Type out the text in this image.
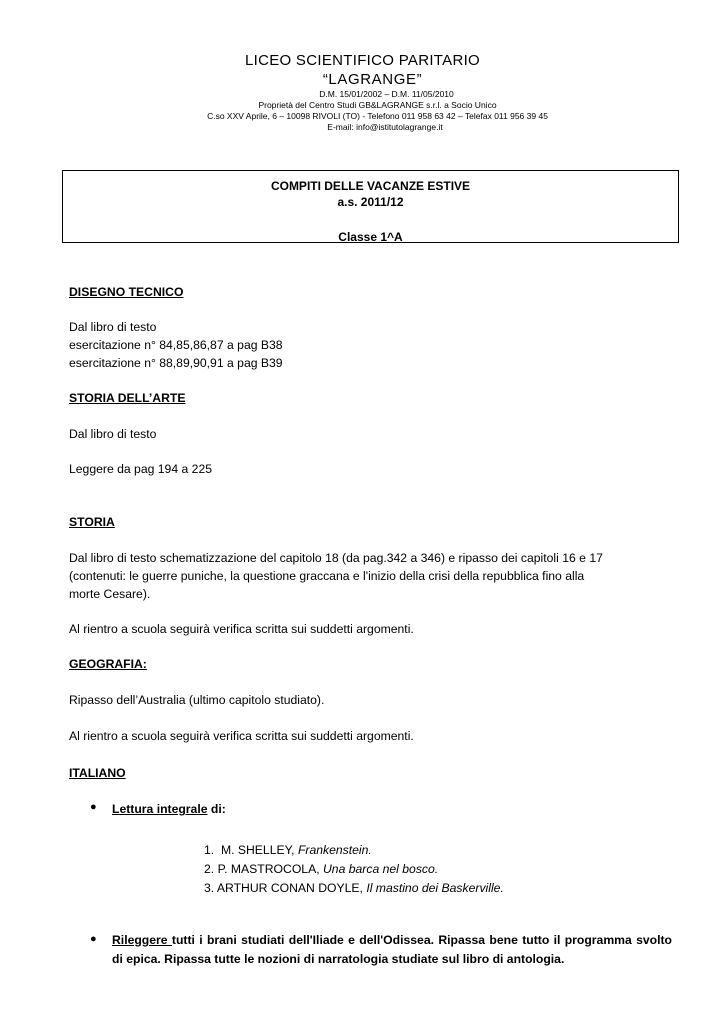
LICEO SCIENTIFICO PARITARIO
“LAGRANGE”
D.M. 15/01/2002 – D.M. 11/05/2010
Proprietà del Centro Studi GB&LAGRANGE s.r.l. a Socio Unico
C.so XXV Aprile, 6 – 10098 RIVOLI (TO) - Telefono 011 958 63 42 – Telefax 011 956 39 45
E-mail: info@istitutolagrange.it
COMPITI DELLE VACANZE ESTIVE
a.s. 2011/12
Classe 1^A
DISEGNO TECNICO
Dal libro di testo
esercitazione n° 84,85,86,87 a pag B38
esercitazione n° 88,89,90,91 a pag B39
STORIA DELL’ARTE
Dal libro di testo
Leggere da pag 194 a 225
STORIA
Dal libro di testo schematizzazione del capitolo 18 (da pag.342 a 346) e ripasso dei capitoli 16 e 17
(contenuti: le guerre puniche, la questione graccana e l'inizio della crisi della repubblica fino alla
morte Cesare).
Al rientro a scuola seguirà verifica scritta sui suddetti argomenti.
GEOGRAFIA:
Ripasso dell’Australia (ultimo capitolo studiato).
Al rientro a scuola seguirà verifica scritta sui suddetti argomenti.
ITALIANO
● Lettura integrale di:
1. M. SHELLEY, Frankenstein.
2. P. MASTROCOLA, Una barca nel bosco.
3. ARTHUR CONAN DOYLE, Il mastino dei Baskerville.
● Rileggere tutti i brani studiati dell'Iliade e dell'Odissea. Ripassa bene tutto il programma svolto di epica. Ripassa tutte le nozioni di narratologia studiate sul libro di antologia.
